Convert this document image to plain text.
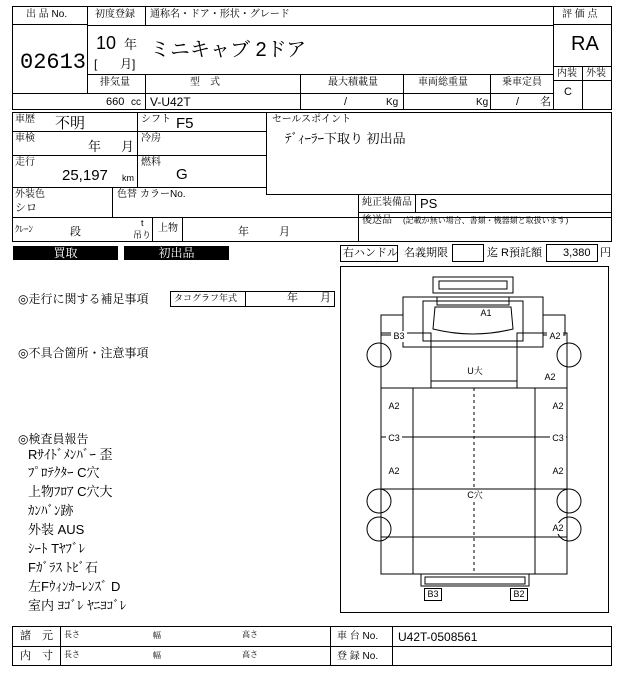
出 品 No.
02613
初度登録 通称名・ドア・形状・グレード
10 年
[ 月]
ミニキャブ 2ドア
評 価 点
RA
内装 外装
C
排気量	型　式	最大積載量	車両総重量	乗車定員
660 cc V-U42T	/	Kg	Kg	/ 名
車歴 不明	シフト F5
車検
年 月
冷房
走行
25,197 km
燃料
G
外装色
シロ
色替 カラーNo.
ｸﾚｰﾝ	段
t
吊り
上物	年	月
セールスポイント
ﾃﾞｨｰﾗｰ下取り 初出品
純正装備品 PS
後送品 (記載が無い場合、書類・機器類と取扱います)
買取	初出品	右ハンドル 名義期限	迄 R預託額 3,380 円
◎走行に関する補足事項	タコグラフ年式	年 月
◎不具合箇所・注意事項
◎検査員報告
Rｻｲﾄﾞﾒﾝﾊﾞｰ 歪
ﾌﾟﾛﾃｸﾀｰ C穴
上物ﾌﾛｱ C穴大
ｶﾝﾊﾞﾝ跡
外装 AUS
ｼｰﾄ Tﾔﾌﾞﾚ
Fｶﾞﾗｽ ﾄﾋﾞ石
左Fｳｨﾝｶｰﾚﾝｽﾞ D
室内 ﾖｺﾞﾚ ﾔﾆﾖｺﾞﾚ
A1
B3	A2
U大
A2
A2	A2
A2
C3	C3
A2
A2
C穴
B3	B2
諸　元
内　寸
長さ	幅	高さ
長さ	幅	高さ
車 台 No. U42T-0508561
登 録 No.
